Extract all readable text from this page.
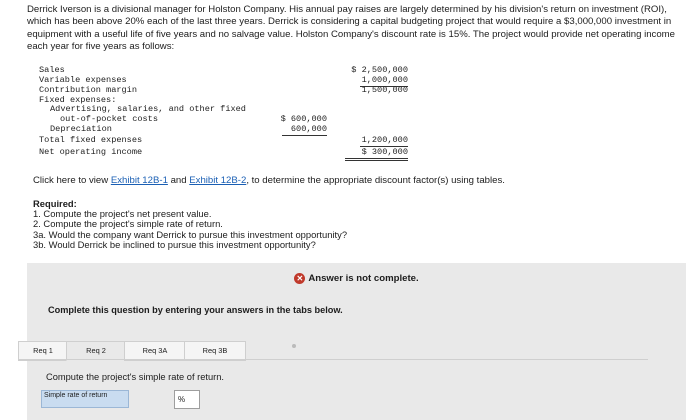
Derrick Iverson is a divisional manager for Holston Company. His annual pay raises are largely determined by his division's return on investment (ROI), which has been above 20% each of the last three years. Derrick is considering a capital budgeting project that would require a $3,000,000 investment in equipment with a useful life of five years and no salvage value. Holston Company's discount rate is 15%. The project would provide net operating income each year for five years as follows:
Sales	$ 2,500,000
Variable expenses	1,000,000
Contribution margin	1,500,000
Fixed expenses:
Advertising, salaries, and other fixed
out-of-pocket costs	$ 600,000
Depreciation	600,000
Total fixed expenses	1,200,000
Net operating income	$ 300,000
Click here to view Exhibit 12B-1 and Exhibit 12B-2, to determine the appropriate discount factor(s) using tables.
Required:
1. Compute the project's net present value.
2. Compute the project's simple rate of return.
3a. Would the company want Derrick to pursue this investment opportunity?
3b. Would Derrick be inclined to pursue this investment opportunity?
✕ Answer is not complete.
Complete this question by entering your answers in the tabs below.
Req 1	Req 2	Req 3A	Req 3B
Compute the project's simple rate of return.
Simple rate of return	%
